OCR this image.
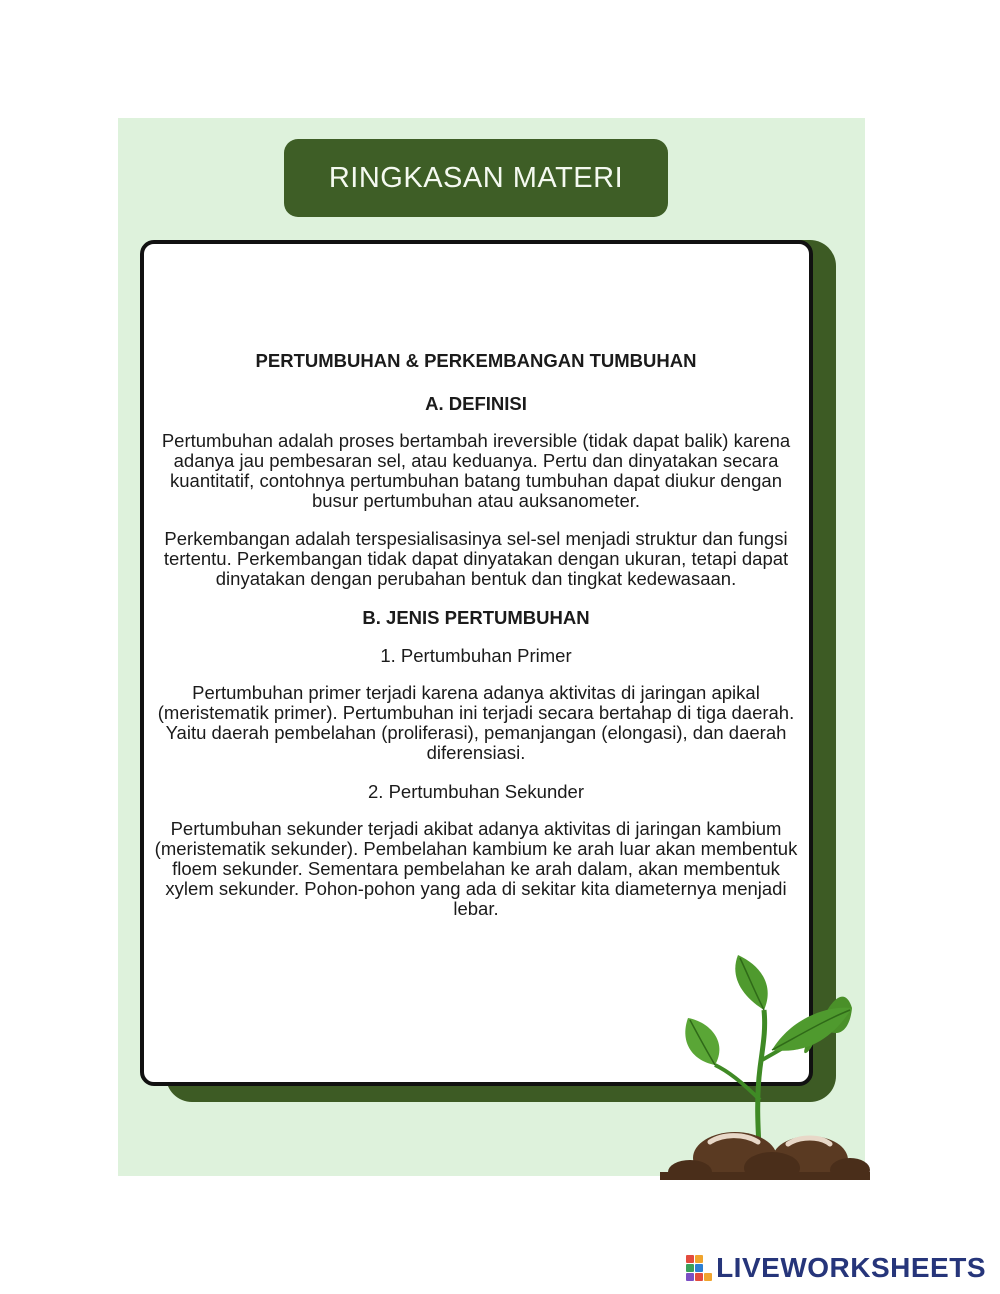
RINGKASAN MATERI
PERTUMBUHAN & PERKEMBANGAN TUMBUHAN
A. DEFINISI

Pertumbuhan adalah proses bertambah ireversible (tidak dapat balik) karena adanya jau pembesaran sel, atau keduanya. Pertu dan dinyatakan secara kuantitatif, contohnya pertumbuhan batang tumbuhan dapat diukur dengan busur pertumbuhan atau auksanometer.

Perkembangan adalah terspesialisasinya sel-sel menjadi struktur dan fungsi tertentu. Perkembangan tidak dapat dinyatakan dengan ukuran, tetapi dapat dinyatakan dengan perubahan bentuk dan tingkat kedewasaan.

B. JENIS PERTUMBUHAN
1. Pertumbuhan Primer

Pertumbuhan primer terjadi karena adanya aktivitas di jaringan apikal (meristematik primer). Pertumbuhan ini terjadi secara bertahap di tiga daerah. Yaitu daerah pembelahan (proliferasi), pemanjangan (elongasi), dan daerah diferensiasi.

2. Pertumbuhan Sekunder

Pertumbuhan sekunder terjadi akibat adanya aktivitas di jaringan kambium (meristematik sekunder). Pembelahan kambium ke arah luar akan membentuk floem sekunder. Sementara pembelahan ke arah dalam, akan membentuk xylem sekunder. Pohon-pohon yang ada di sekitar kita diameternya menjadi lebar.

LIVEWORKSHEETS
